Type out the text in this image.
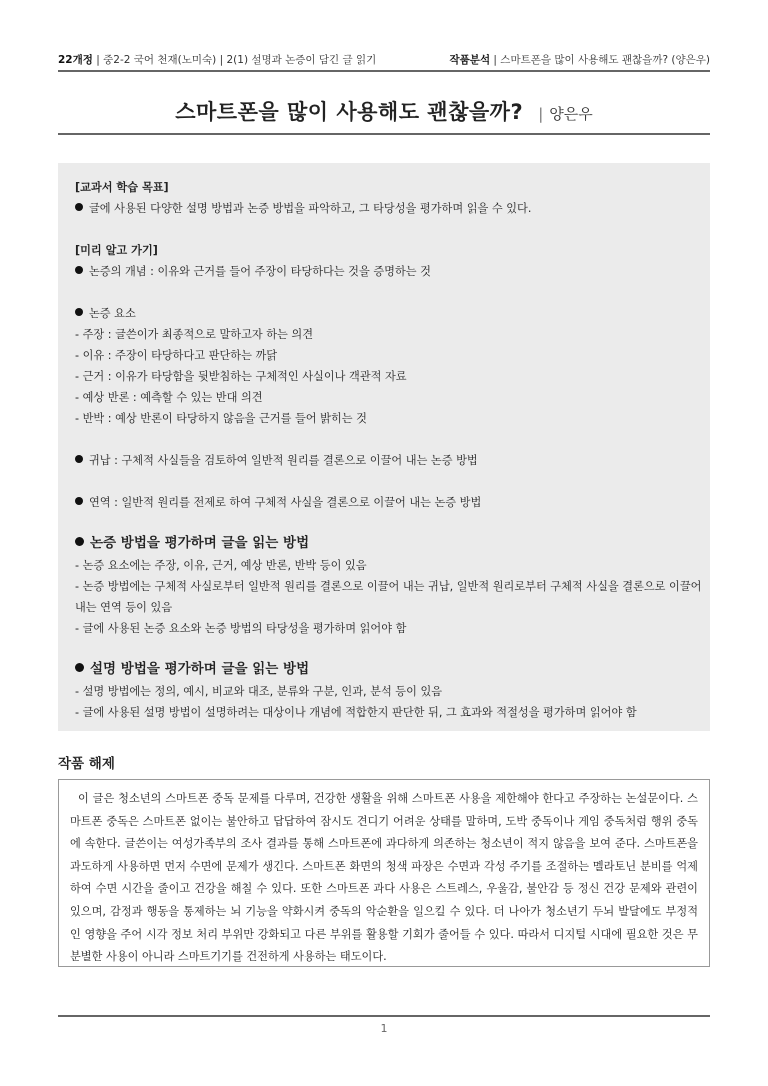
22개정 | 중2-2 국어 천재(노미숙) | 2(1) 설명과 논증이 담긴 글 읽기	작품분석 | 스마트폰을 많이 사용해도 괜찮을까? (양은우)
스마트폰을 많이 사용해도 괜찮을까? | 양은우
[교과서 학습 목표]
글에 사용된 다양한 설명 방법과 논증 방법을 파악하고, 그 타당성을 평가하며 읽을 수 있다.
[미리 알고 가기]
논증의 개념 : 이유와 근거를 들어 주장이 타당하다는 것을 증명하는 것
논증 요소
- 주장 : 글쓴이가 최종적으로 말하고자 하는 의견
- 이유 : 주장이 타당하다고 판단하는 까닭
- 근거 : 이유가 타당함을 뒷받침하는 구체적인 사실이나 객관적 자료
- 예상 반론 : 예측할 수 있는 반대 의견
- 반박 : 예상 반론이 타당하지 않음을 근거를 들어 밝히는 것
귀납 : 구체적 사실들을 검토하여 일반적 원리를 결론으로 이끌어 내는 논증 방법
연역 : 일반적 원리를 전제로 하여 구체적 사실을 결론으로 이끌어 내는 논증 방법
논증 방법을 평가하며 글을 읽는 방법
- 논증 요소에는 주장, 이유, 근거, 예상 반론, 반박 등이 있음
- 논증 방법에는 구체적 사실로부터 일반적 원리를 결론으로 이끌어 내는 귀납, 일반적 원리로부터 구체적 사실을 결론으로 이끌어 내는 연역 등이 있음
- 글에 사용된 논증 요소와 논증 방법의 타당성을 평가하며 읽어야 함
설명 방법을 평가하며 글을 읽는 방법
- 설명 방법에는 정의, 예시, 비교와 대조, 분류와 구분, 인과, 분석 등이 있음
- 글에 사용된 설명 방법이 설명하려는 대상이나 개념에 적합한지 판단한 뒤, 그 효과와 적절성을 평가하며 읽어야 함
작품 해제
이 글은 청소년의 스마트폰 중독 문제를 다루며, 건강한 생활을 위해 스마트폰 사용을 제한해야 한다고 주장하는 논설문이다. 스마트폰 중독은 스마트폰 없이는 불안하고 답답하여 잠시도 견디기 어려운 상태를 말하며, 도박 중독이나 게임 중독처럼 행위 중독에 속한다. 글쓴이는 여성가족부의 조사 결과를 통해 스마트폰에 과다하게 의존하는 청소년이 적지 않음을 보여 준다. 스마트폰을 과도하게 사용하면 먼저 수면에 문제가 생긴다. 스마트폰 화면의 청색 파장은 수면과 각성 주기를 조절하는 멜라토닌 분비를 억제하여 수면 시간을 줄이고 건강을 해칠 수 있다. 또한 스마트폰 과다 사용은 스트레스, 우울감, 불안감 등 정신 건강 문제와 관련이 있으며, 감정과 행동을 통제하는 뇌 기능을 약화시켜 중독의 악순환을 일으킬 수 있다. 더 나아가 청소년기 두뇌 발달에도 부정적인 영향을 주어 시각 정보 처리 부위만 강화되고 다른 부위를 활용할 기회가 줄어들 수 있다. 따라서 디지털 시대에 필요한 것은 무분별한 사용이 아니라 스마트기기를 건전하게 사용하는 태도이다.
1
